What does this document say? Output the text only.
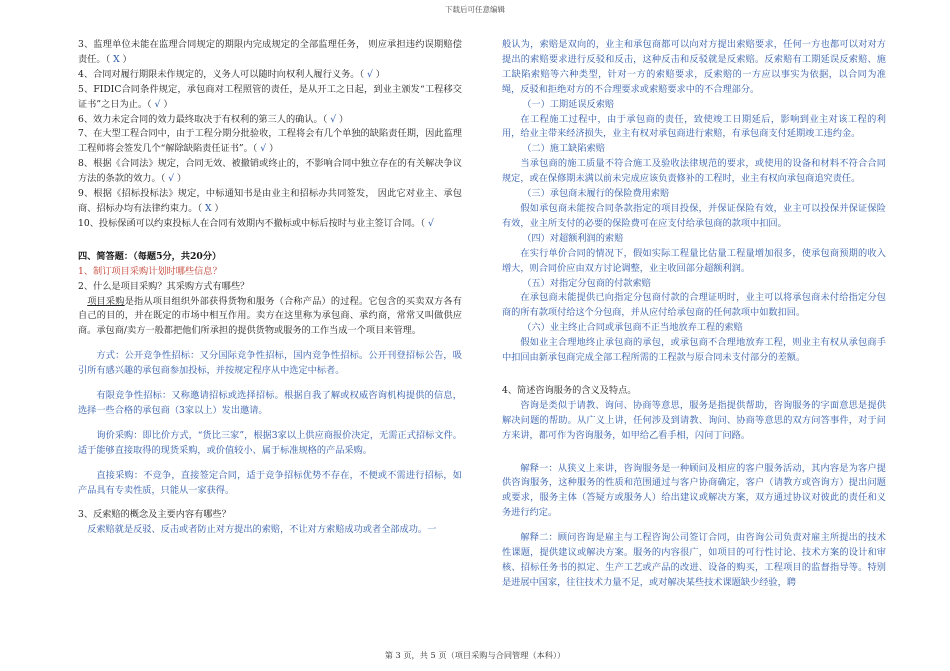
下载后可任意编辑

3、监理单位未能在监理合同规定的期限内完成规定的全部监理任务， 则应承担违约误期赔偿责任。（ X ）

4、合同对履行期限未作规定的，义务人可以随时向权利人履行义务。（ √ ）

5、FIDIC合同条件规定，承包商对工程照管的责任，是从开工之日起，到业主颁发“工程移交证书”之日为止。（ √ ）

6、效力未定合同的效力最终取决于有权利的第三人的确认。（ √ ）

7、在大型工程合同中，由于工程分期分批验收，工程将会有几个单独的缺陷责任期，因此监理工程师将会签发几个“解除缺陷责任证书”。（ √ ）

8、根据《合同法》规定，合同无效、被撤销或终止的，不影响合同中独立存在的有关解决争议方法的条款的效力。（ √ ）

9、根据《招标投标法》规定，中标通知书是由业主和招标办共同签发， 因此它对业主、承包商、招标办均有法律约束力。（ X ）

10、投标保函可以约束投标人在合同有效期内不撤标或中标后按时与业主签订合同。（ √

四、简答题：（每题5分，共20分）

1、制订项目采购计划时哪些信息？

2、什么是项目采购？其采购方式有哪些？

项目采购是指从项目组织外部获得货物和服务（合称产品）的过程。它包含的买卖双方各有自己的目的，并在既定的市场中相互作用。卖方在这里称为承包商、承约商，常常又叫做供应商。承包商/卖方一般都把他们所承担的提供货物或服务的工作当成一个项目来管理。

方式：公开竞争性招标：又分国际竞争性招标，国内竞争性招标。公开刊登招标公告，吸引所有感兴趣的承包商参加投标，并按规定程序从中选定中标者。

有限竞争性招标：又称邀请招标或选择招标。根据自我了解或权威咨询机构提供的信息，选择一些合格的承包商（3家以上）发出邀请。

询价采购：即比价方式，“货比三家”，根据3家以上供应商报价决定，无需正式招标文件。适于能够直接取得的现货采购，或价值较小、属于标准规格的产品采购。

直接采购：不竞争，直接签定合同，适于竞争招标优势不存在，不便或不需进行招标，如产品具有专卖性质，只能从一家获得。

3、反索赔的概念及主要内容有哪些？

反索赔就是反驳、反击或者防止对方提出的索赔，不让对方索赔成功或者全部成功。一

般认为，索赔是双向的，业主和承包商都可以向对方提出索赔要求，任何一方也都可以对对方提出的索赔要求进行反驳和反击，这种反击和反驳就是反索赔。反索赔有工期延误反索赔、施工缺陷索赔等六种类型，针对一方的索赔要求，反索赔的一方应以事实为依据，以合同为准绳，反驳和拒绝对方的不合理要求或索赔要求中的不合理部分。

（一）工期延误反索赔

在工程施工过程中，由于承包商的责任，致使竣工日期延后，影响到业主对该工程的利用，给业主带来经济损失，业主有权对承包商进行索赔，有承包商支付延期竣工违约金。

（二）施工缺陷索赔

当承包商的施工质量不符合施工及验收法律规范的要求，或使用的设备和材料不符合合同规定，或在保修期未满以前未完成应该负责修补的工程时，业主有权向承包商追究责任。

（三）承包商未履行的保险费用索赔

假如承包商未能按合同条款指定的项目投保，并保证保险有效，业主可以投保并保证保险有效，业主所支付的必要的保险费可在应支付给承包商的款项中扣回。

（四）对超额利润的索赔

在实行单价合同的情况下，假如实际工程量比估量工程量增加很多，使承包商预期的收入增大，则合同价应由双方讨论调整，业主收回部分超额利润。

（五）对指定分包商的付款索赔

在承包商未能提供已向指定分包商付款的合理证明时，业主可以将承包商未付给指定分包商的所有款项付给这个分包商，并从应付给承包商的任何款项中如数扣回。

（六）业主终止合同或承包商不正当地放弃工程的索赔

假如业主合理地终止承包商的承包，或承包商不合理地放弃工程，则业主有权从承包商手中扣回由新承包商完成全部工程所需的工程款与原合同未支付部分的差额。

4、简述咨询服务的含义及特点。

咨询是类似于请教、询问、协商等意思，服务是指提供帮助，咨询服务的字面意思是提供解决问题的帮助。从广义上讲，任何涉及到请教、询问、协商等意思的双方问答事件，对于问方来讲，都可作为咨询服务，如甲给乙看手相，闪问丁问路。

解释一：从狭义上来讲，咨询服务是一种顾问及相应的客户服务活动，其内容是为客户提供咨询服务，这种服务的性质和范围通过与客户协商确定，客户（请教方或咨询方）提出问题或要求，服务主体（答疑方或服务人）给出建议或解决方案，双方通过协议对彼此的责任和义务进行约定。

解释二：顾问咨询是雇主与工程咨询公司签订合同，由咨询公司负责对雇主所提出的技术性课题，提供建议或解决方案。服务的内容很广，如项目的可行性讨论、技术方案的设计和审核、招标任务书的拟定、生产工艺或产品的改进、设备的购买，工程项目的监督指导等。特别是进展中国家，往往技术力量不足，或对解决某些技术课题缺少经验，聘

第 3 页，共 5 页（项目采购与合同管理（本科））
